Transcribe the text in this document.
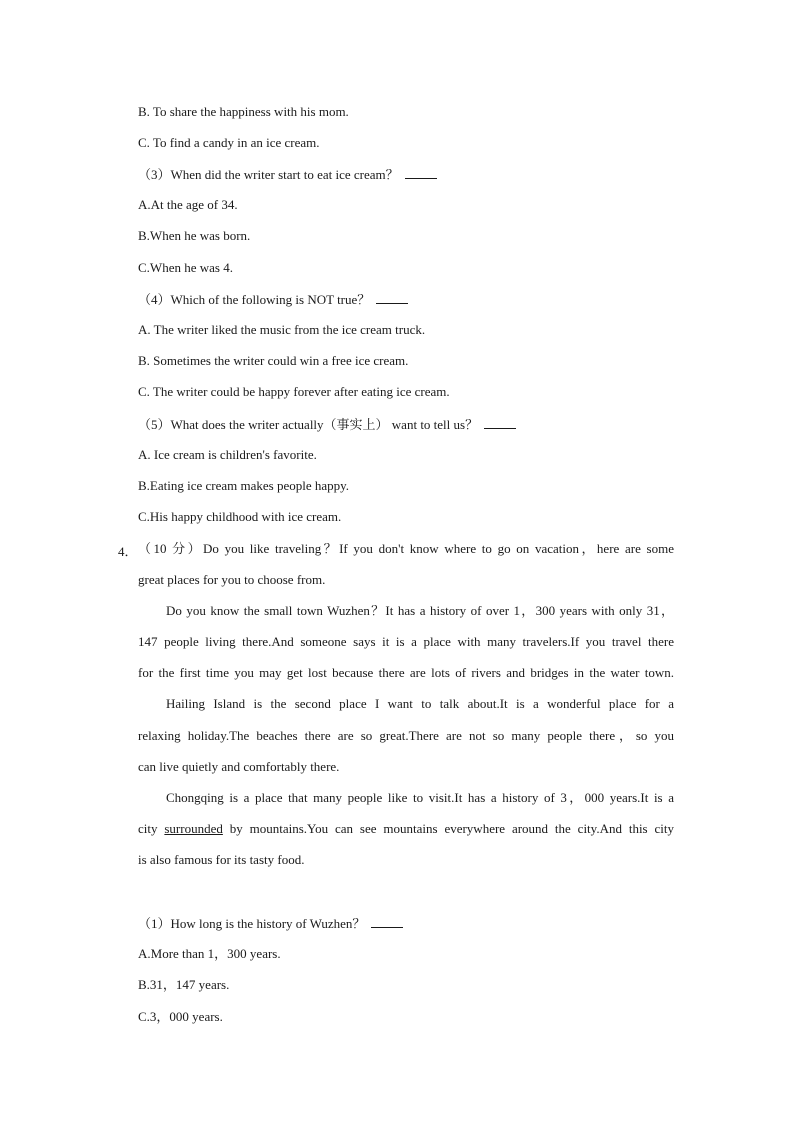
B. To share the happiness with his mom.
C. To find a candy in an ice cream.
（3）When did the writer start to eat ice cream？
A.At the age of 34.
B.When he was born.
C.When he was 4.
（4）Which of the following is NOT true？
A. The writer liked the music from the ice cream truck.
B. Sometimes the writer could win a free ice cream.
C. The writer could be happy forever after eating ice cream.
（5）What does the writer actually（事实上） want to tell us？
A. Ice cream is children's favorite.
B.Eating ice cream makes people happy.
C.His happy childhood with ice cream.
4． （10 分）Do you like traveling？If you don't know where to go on vacation，here are some
great places for you to choose from.
Do you know the small town Wuzhen？It has a history of over 1，300 years with only 31，
147 people living there.And someone says it is a place with many travelers.If you travel there
for the first time you may get lost because there are lots of rivers and bridges in the water town.
Hailing Island is the second place I want to talk about.It is a wonderful place for a
relaxing holiday.The beaches there are so great.There are not so many people there，so you
can live quietly and comfortably there.
Chongqing is a place that many people like to visit.It has a history of 3，000 years.It is a
city surrounded by mountains.You can see mountains everywhere around the city.And this city
is also famous for its tasty food.
（1）How long is the history of Wuzhen？
A.More than 1，300 years.
B.31，147 years.
C.3，000 years.
